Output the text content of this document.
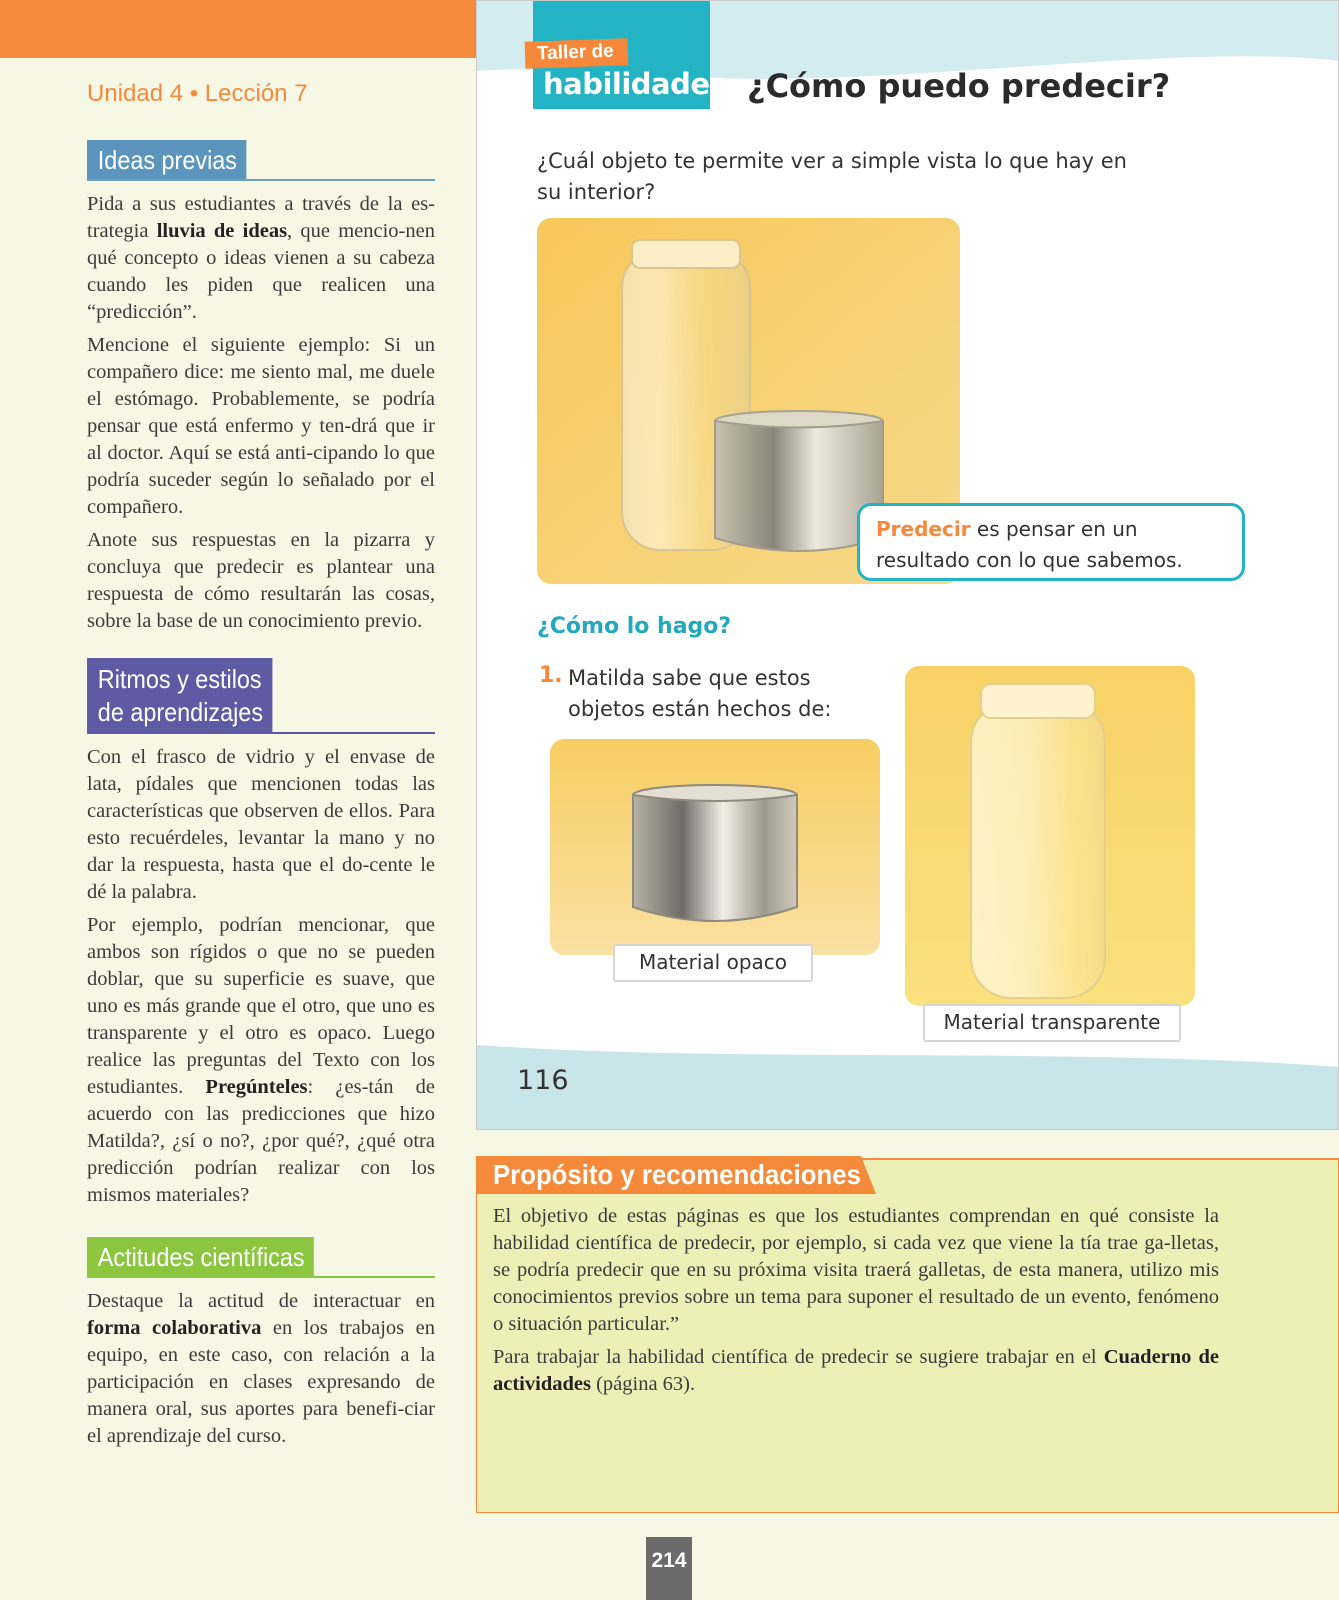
Unidad 4 • Lección 7
Ideas previas

Pida a sus estudiantes a través de la es-trategia lluvia de ideas, que mencio-nen qué concepto o ideas vienen a su cabeza cuando les piden que realicen una “predicción”.

Mencione el siguiente ejemplo: Si un compañero dice: me siento mal, me duele el estómago. Probablemente, se podría pensar que está enfermo y ten-drá que ir al doctor. Aquí se está anti-cipando lo que podría suceder según lo señalado por el compañero.

Anote sus respuestas en la pizarra y concluya que predecir es plantear una respuesta de cómo resultarán las cosas, sobre la base de un conocimiento previo.

Ritmos y estilos
de aprendizajes

Con el frasco de vidrio y el envase de lata, pídales que mencionen todas las características que observen de ellos. Para esto recuérdeles, levantar la mano y no dar la respuesta, hasta que el do-cente le dé la palabra.

Por ejemplo, podrían mencionar, que ambos son rígidos o que no se pueden doblar, que su superficie es suave, que uno es más grande que el otro, que uno es transparente y el otro es opaco. Luego realice las preguntas del Texto con los estudiantes. Pregúnteles: ¿es-tán de acuerdo con las predicciones que hizo Matilda?, ¿sí o no?, ¿por qué?, ¿qué otra predicción podrían realizar con los mismos materiales?

Actitudes científicas

Destaque la actitud de interactuar en forma colaborativa en los trabajos en equipo, en este caso, con relación a la participación en clases expresando de manera oral, sus aportes para benefi-ciar el aprendizaje del curso.

Taller de
habilidades ¿Cómo puedo predecir?

¿Cuál objeto te permite ver a simple vista lo que hay en su interior?

Predecir es pensar en un resultado con lo que sabemos.
¿Cómo lo hago?
1. Matilda sabe que estos objetos están hechos de:
Material opaco
Material transparente
116
Propósito y recomendaciones

El objetivo de estas páginas es que los estudiantes comprendan en qué consiste la habilidad científica de predecir, por ejemplo, si cada vez que viene la tía trae ga-lletas, se podría predecir que en su próxima visita traerá galletas, de esta manera, utilizo mis conocimientos previos sobre un tema para suponer el resultado de un evento, fenómeno o situación particular.”

Para trabajar la habilidad científica de predecir se sugiere trabajar en el Cuaderno de actividades (página 63).

214
